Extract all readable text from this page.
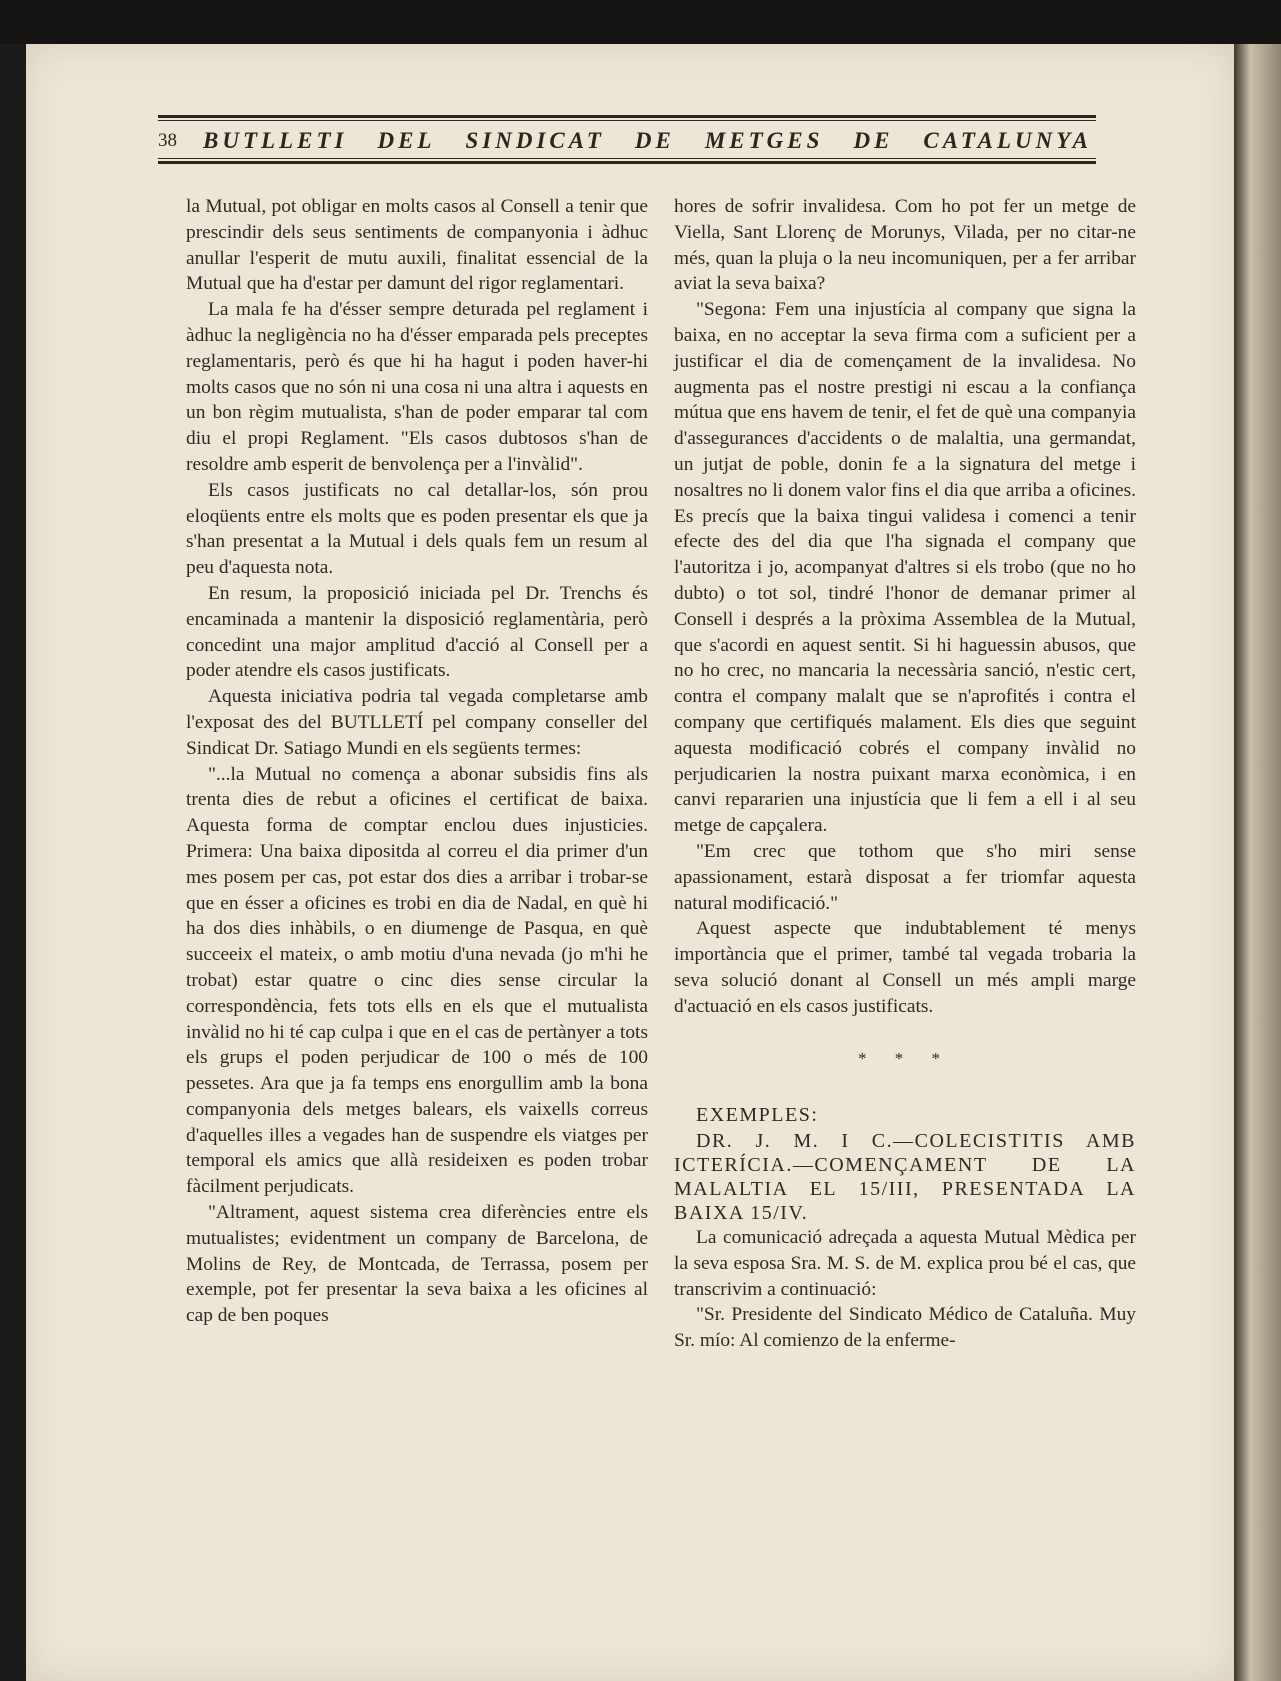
38	BUTLLETI DEL SINDICAT DE METGES DE CATALUNYA

la Mutual, pot obligar en molts casos al Consell a tenir que prescindir dels seus sentiments de companyonia i àdhuc anullar l'esperit de mutu auxili, finalitat essencial de la Mutual que ha d'estar per damunt del rigor reglamentari.

La mala fe ha d'ésser sempre deturada pel reglament i àdhuc la negligència no ha d'ésser emparada pels preceptes reglamentaris, però és que hi ha hagut i poden haver-hi molts casos que no són ni una cosa ni una altra i aquests en un bon règim mutualista, s'han de poder emparar tal com diu el propi Reglament. "Els casos dubtosos s'han de resoldre amb esperit de benvolença per a l'invàlid".

Els casos justificats no cal detallar-los, són prou eloqüents entre els molts que es poden presentar els que ja s'han presentat a la Mutual i dels quals fem un resum al peu d'aquesta nota.

En resum, la proposició iniciada pel Dr. Trenchs és encaminada a mantenir la disposició reglamentària, però concedint una major amplitud d'acció al Consell per a poder atendre els casos justificats.

Aquesta iniciativa podria tal vegada completarse amb l'exposat des del BUTLLETÍ pel company conseller del Sindicat Dr. Satiago Mundi en els següents termes:

"...la Mutual no comença a abonar subsidis fins als trenta dies de rebut a oficines el certificat de baixa. Aquesta forma de comptar enclou dues injusticies. Primera: Una baixa dipositda al correu el dia primer d'un mes posem per cas, pot estar dos dies a arribar i trobar-se que en ésser a oficines es trobi en dia de Nadal, en què hi ha dos dies inhàbils, o en diumenge de Pasqua, en què succeeix el mateix, o amb motiu d'una nevada (jo m'hi he trobat) estar quatre o cinc dies sense circular la correspondència, fets tots ells en els que el mutualista invàlid no hi té cap culpa i que en el cas de pertànyer a tots els grups el poden perjudicar de 100 o més de 100 pessetes. Ara que ja fa temps ens enorgullim amb la bona companyonia dels metges balears, els vaixells correus d'aquelles illes a vegades han de suspendre els viatges per temporal els amics que allà resideixen es poden trobar fàcilment perjudicats.

"Altrament, aquest sistema crea diferències entre els mutualistes; evidentment un company de Barcelona, de Molins de Rey, de Montcada, de Terrassa, posem per exemple, pot fer presentar la seva baixa a les oficines al cap de ben poques

hores de sofrir invalidesa. Com ho pot fer un metge de Viella, Sant Llorenç de Morunys, Vilada, per no citar-ne més, quan la pluja o la neu incomuniquen, per a fer arribar aviat la seva baixa?

"Segona: Fem una injustícia al company que signa la baixa, en no acceptar la seva firma com a suficient per a justificar el dia de començament de la invalidesa. No augmenta pas el nostre prestigi ni escau a la confiança mútua que ens havem de tenir, el fet de què una companyia d'assegurances d'accidents o de malaltia, una germandat, un jutjat de poble, donin fe a la signatura del metge i nosaltres no li donem valor fins el dia que arriba a oficines. Es precís que la baixa tingui validesa i comenci a tenir efecte des del dia que l'ha signada el company que l'autoritza i jo, acompanyat d'altres si els trobo (que no ho dubto) o tot sol, tindré l'honor de demanar primer al Consell i després a la pròxima Assemblea de la Mutual, que s'acordi en aquest sentit. Si hi haguessin abusos, que no ho crec, no mancaria la necessària sanció, n'estic cert, contra el company malalt que se n'aprofités i contra el company que certifiqués malament. Els dies que seguint aquesta modificació cobrés el company invàlid no perjudicarien la nostra puixant marxa econòmica, i en canvi repararien una injustícia que li fem a ell i al seu metge de capçalera.

"Em crec que tothom que s'ho miri sense apassionament, estarà disposat a fer triomfar aquesta natural modificació."

Aquest aspecte que indubtablement té menys importància que el primer, també tal vegada trobaria la seva solució donant al Consell un més ampli marge d'actuació en els casos justificats.

* * *

EXEMPLES:

DR. J. M. I C.—COLECISTITIS AMB ICTERÍCIA.—COMENÇAMENT DE LA MALALTIA EL 15/III, PRESENTADA LA BAIXA 15/IV.

La comunicació adreçada a aquesta Mutual Mèdica per la seva esposa Sra. M. S. de M. explica prou bé el cas, que transcrivim a continuació:

"Sr. Presidente del Sindicato Médico de Cataluña. Muy Sr. mío: Al comienzo de la enferme-
